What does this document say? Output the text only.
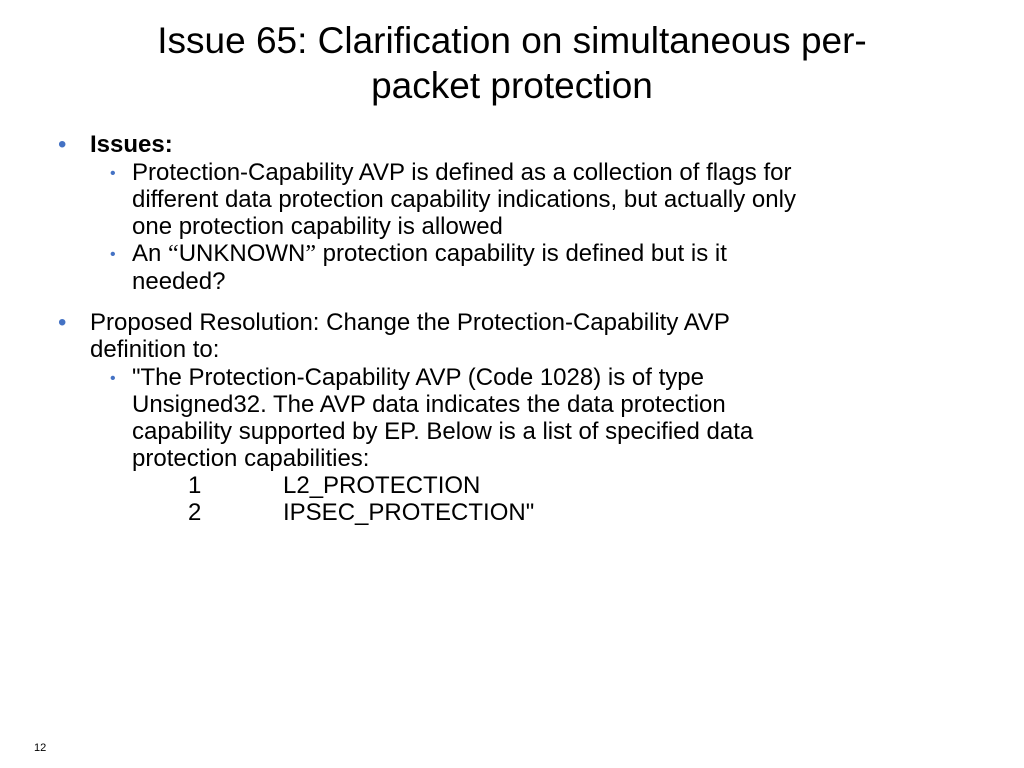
Issue 65: Clarification on simultaneous per-
packet protection
• Issues:
• Protection-Capability AVP is defined as a collection of flags for
different data protection capability indications, but actually only
one protection capability is allowed
• An “UNKNOWN” protection capability is defined but is it
needed?
• Proposed Resolution: Change the Protection-Capability AVP
definition to:
• "The Protection-Capability AVP (Code 1028) is of type
Unsigned32. The AVP data indicates the data protection
capability supported by EP. Below is a list of specified data
protection capabilities:
1	L2_PROTECTION
2	IPSEC_PROTECTION"
12
